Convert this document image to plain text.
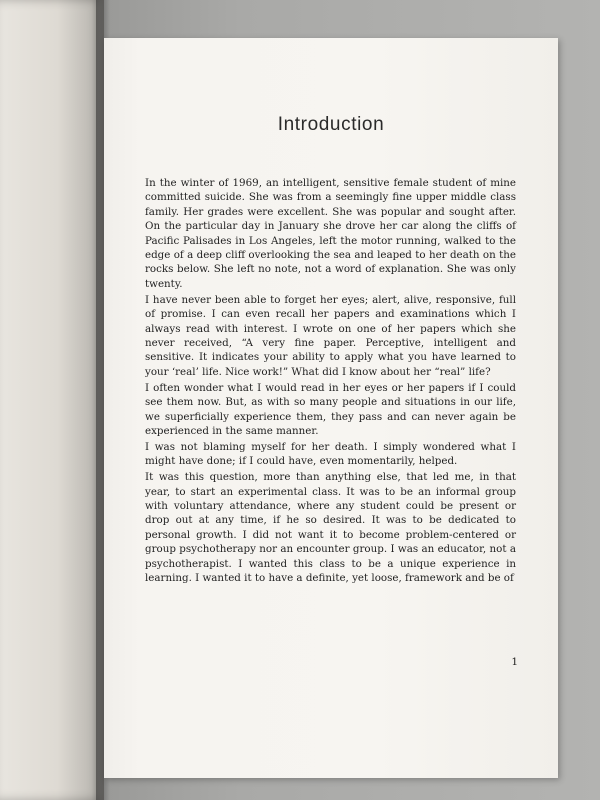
Introduction

In the winter of 1969, an intelligent, sensitive female student of mine committed suicide. She was from a seemingly fine upper middle class family. Her grades were excellent. She was popular and sought after. On the particular day in January she drove her car along the cliffs of Pacific Palisades in Los Angeles, left the motor running, walked to the edge of a deep cliff overlooking the sea and leaped to her death on the rocks below. She left no note, not a word of explanation. She was only twenty.

I have never been able to forget her eyes; alert, alive, responsive, full of promise. I can even recall her papers and examinations which I always read with interest. I wrote on one of her papers which she never received, “A very fine paper. Perceptive, intelligent and sensitive. It indicates your ability to apply what you have learned to your ‘real’ life. Nice work!” What did I know about her “real” life?

I often wonder what I would read in her eyes or her papers if I could see them now. But, as with so many people and situations in our life, we superficially experience them, they pass and can never again be experienced in the same manner.

I was not blaming myself for her death. I simply wondered what I might have done; if I could have, even momentarily, helped.

It was this question, more than anything else, that led me, in that year, to start an experimental class. It was to be an informal group with voluntary attendance, where any student could be present or drop out at any time, if he so desired. It was to be dedicated to personal growth. I did not want it to become problem-centered or group psychotherapy nor an encounter group. I was an educator, not a psychotherapist. I wanted this class to be a unique experience in learning. I wanted it to have a definite, yet loose, framework and be of

1
